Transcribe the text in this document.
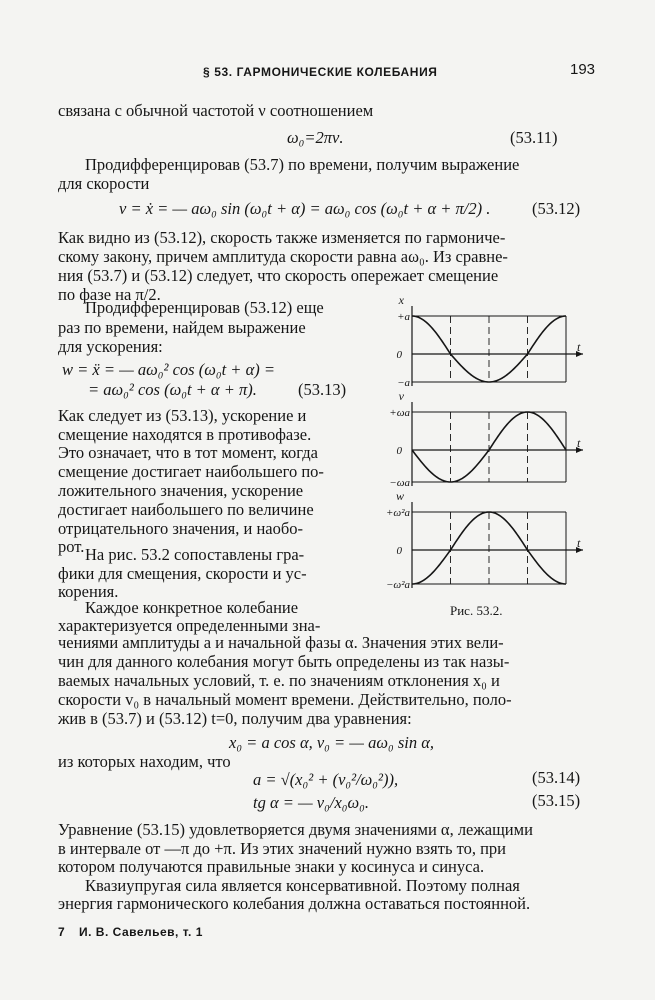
§ 53. ГАРМОНИЧЕСКИЕ КОЛЕБАНИЯ	193
связана с обычной частотой ν соотношением
ω₀=2πν.	(53.11)
Продифференцировав (53.7) по времени, получим выражение
для скорости
v = ẋ = — aω₀ sin (ω₀t + α) = aω₀ cos (ω₀t + α + π/2) .	(53.12)
Как видно из (53.12), скорость также изменяется по гармониче-
скому закону, причем амплитуда скорости равна aω₀. Из сравне-
ния (53.7) и (53.12) следует, что скорость опережает смещение
по фазе на π/2.
Продифференцировав (53.12) еще
раз по времени, найдем выражение
для ускорения:
w = ẍ = — aω₀² cos (ω₀t + α) =
= aω₀² cos (ω₀t + α + π). (53.13)
Как следует из (53.13), ускорение и
смещение находятся в противофазе.
Это означает, что в тот момент, когда
смещение достигает наибольшего по-
ложительного значения, ускорение
достигает наибольшего по величине
отрицательного значения, и наобо-
рот. На рис. 53.2 сопоставлены гра-
фики для смещения, скорости и ус-
корения.
Каждое конкретное колебание
характеризуется определенными зна-
чениями амплитуды a и начальной фазы α. Значения этих вели-
чин для данного колебания могут быть определены из так назы-
ваемых начальных условий, т. е. по значениям отклонения x₀ и
скорости v₀ в начальный момент времени. Действительно, поло-
жив в (53.7) и (53.12) t=0, получим два уравнения:
x₀ = a cos α, v₀ = — aω₀ sin α,
из которых находим, что
a = √(x₀² + (v₀²/ω₀²)),	(53.14)
tg α = — v₀/x₀ω₀.	(53.15)
Уравнение (53.15) удовлетворяется двумя значениями α, лежащими
в интервале от —π до +π. Из этих значений нужно взять то, при
котором получаются правильные знаки у косинуса и синуса.
Квазиупругая сила является консервативной. Поэтому полная
энергия гармонического колебания должна оставаться постоянной.
7 И. В. Савельев, т. 1
t
x
+a
0
−a
t
v
+ωa
0
−ωa
t
w
+ω²a
0
−ω²a
Рис. 53.2.
